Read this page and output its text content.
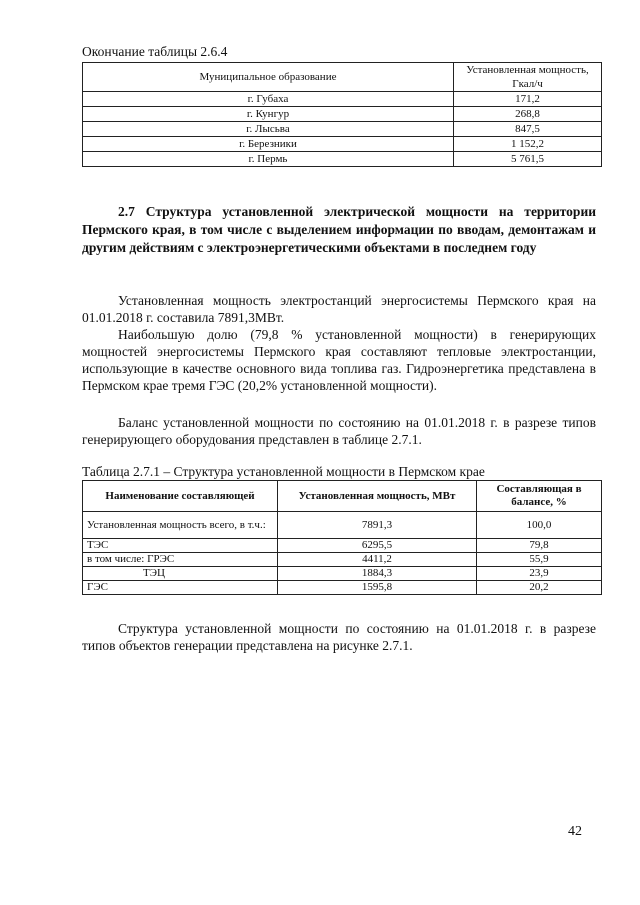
Окончание таблицы 2.6.4
Муниципальное образование	Установленная мощность, Гкал/ч
г. Губаха	171,2
г. Кунгур	268,8
г. Лысьва	847,5
г. Березники	1 152,2
г. Пермь	5 761,5
2.7 Структура установленной электрической мощности на территории Пермского края, в том числе с выделением информации по вводам, демонтажам и другим действиям с электроэнергетическими объектами в последнем году

Установленная мощность электростанций энергосистемы Пермского края на 01.01.2018 г. составила 7891,3МВт.

Наибольшую долю (79,8 % установленной мощности) в генерирующих мощностей энергосистемы Пермского края составляют тепловые электростанции, использующие в качестве основного вида топлива газ. Гидроэнергетика представлена в Пермском крае тремя ГЭС (20,2% установленной мощности).

Баланс установленной мощности по состоянию на 01.01.2018 г. в разрезе типов генерирующего оборудования представлен в таблице 2.7.1.

Таблица 2.7.1 – Структура установленной мощности в Пермском крае
Наименование составляющей	Установленная мощность, МВт	Составляющая в балансе, %
Установленная мощность всего, в т.ч.:	7891,3	100,0
ТЭС	6295,5	79,8
в том числе: ГРЭС	4411,2	55,9
ТЭЦ	1884,3	23,9
ГЭС	1595,8	20,2

Структура установленной мощности по состоянию на 01.01.2018 г. в разрезе типов объектов генерации представлена на рисунке 2.7.1.

42
